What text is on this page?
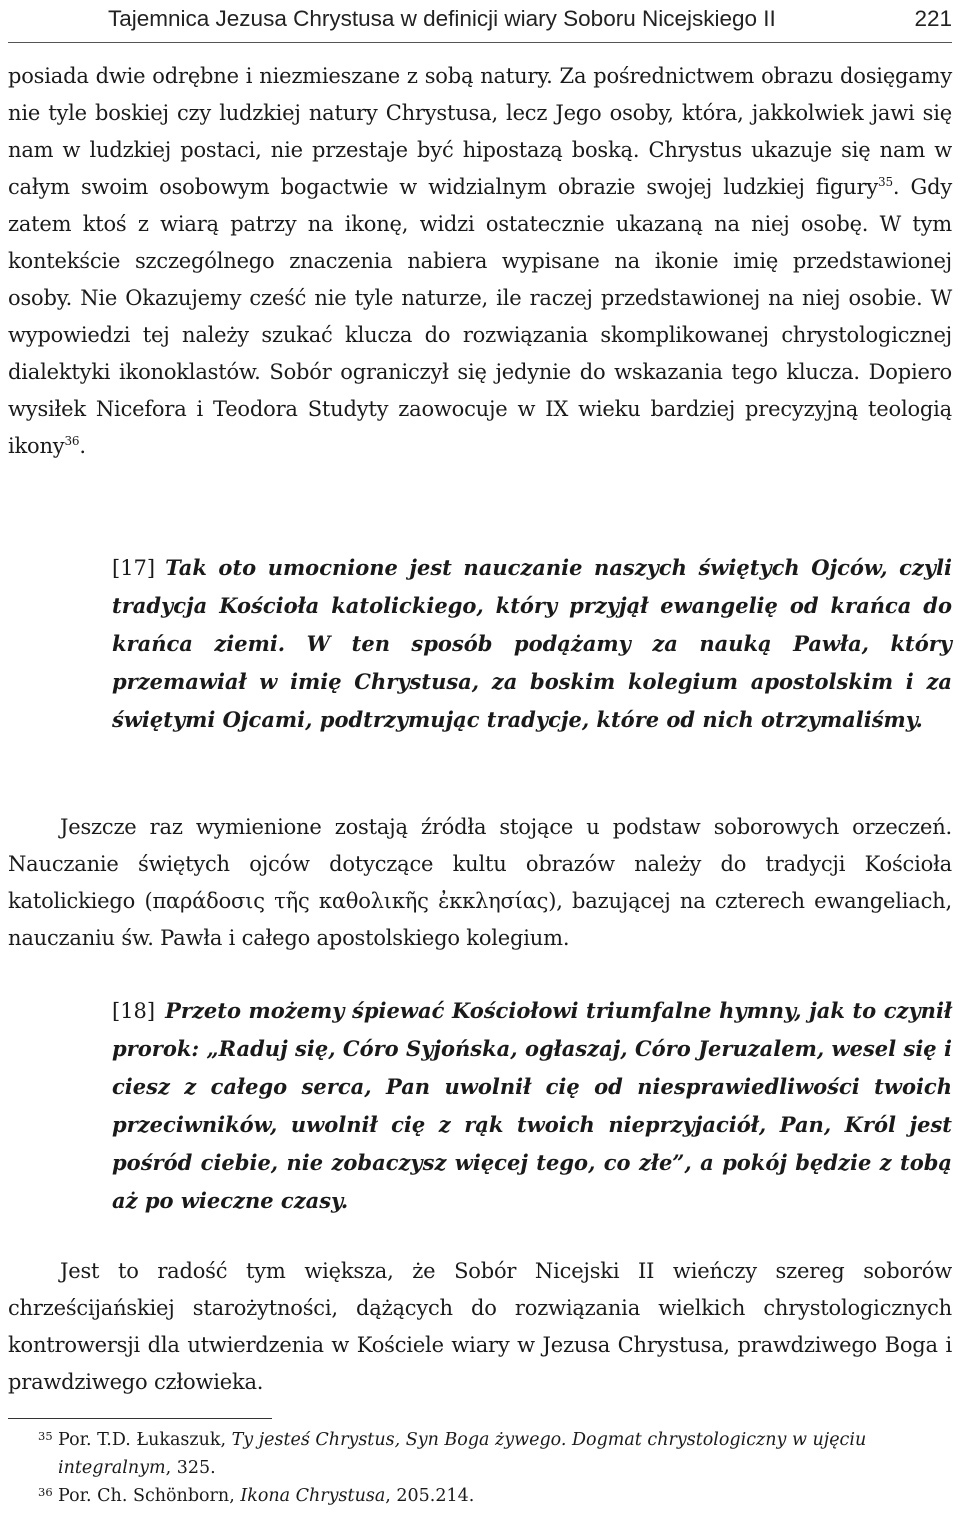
Tajemnica Jezusa Chrystusa w definicji wiary Soboru Nicejskiego II	221

posiada dwie odrębne i niezmieszane z sobą natury. Za pośrednictwem obrazu dosięgamy nie tyle boskiej czy ludzkiej natury Chrystusa, lecz Jego osoby, która, jakkolwiek jawi się nam w ludzkiej postaci, nie przestaje być hipostazą boską. Chrystus ukazuje się nam w całym swoim osobowym bogactwie w widzialnym obrazie swojej ludzkiej figury$^{35}$. Gdy zatem ktoś z wiarą patrzy na ikonę, widzi ostatecznie ukazaną na niej osobę. W tym kontekście szczególnego znaczenia nabiera wypisane na ikonie imię przedstawionej osoby. Nie Okazujemy cześć nie tyle naturze, ile raczej przedstawionej na niej osobie. W wypowiedzi tej należy szukać klucza do rozwiązania skomplikowanej chrystologicznej dialektyki ikonoklastów. Sobór ograniczył się jedynie do wskazania tego klucza. Dopiero wysiłek Nicefora i Teodora Studyty zaowocuje w IX wieku bardziej precyzyjną teologią ikony$^{36}$.

[17] Tak oto umocnione jest nauczanie naszych świętych Ojców, czyli tradycja Kościoła katolickiego, który przyjął ewangelię od krańca do krańca ziemi. W ten sposób podążamy za nauką Pawła, który przemawiał w imię Chrystusa, za boskim kolegium apostolskim i za świętymi Ojcami, podtrzymując tradycje, które od nich otrzymaliśmy.

Jeszcze raz wymienione zostają źródła stojące u podstaw soborowych orzeczeń. Nauczanie świętych ojców dotyczące kultu obrazów należy do tradycji Kościoła katolickiego (παράδοσις τῆς καθολικῆς ἐκκλησίας), bazującej na czterech ewangeliach, nauczaniu św. Pawła i całego apostolskiego kolegium.

[18] Przeto możemy śpiewać Kościołowi triumfalne hymny, jak to czynił prorok: „Raduj się, Córo Syjońska, ogłaszaj, Córo Jeruzalem, wesel się i ciesz z całego serca, Pan uwolnił cię od niesprawiedliwości twoich przeciwników, uwolnił cię z rąk twoich nieprzyjaciół, Pan, Król jest pośród ciebie, nie zobaczysz więcej tego, co złe”, a pokój będzie z tobą aż po wieczne czasy.

Jest to radość tym większa, że Sobór Nicejski II wieńczy szereg soborów chrześcijańskiej starożytności, dążących do rozwiązania wielkich chrystologicznych kontrowersji dla utwierdzenia w Kościele wiary w Jezusa Chrystusa, prawdziwego Boga i prawdziwego człowieka.

35 Por. T.D. Łukaszuk, Ty jesteś Chrystus, Syn Boga żywego. Dogmat chrystologiczny w ujęciu integralnym, 325.
36 Por. Ch. Schönborn, Ikona Chrystusa, 205.214.
